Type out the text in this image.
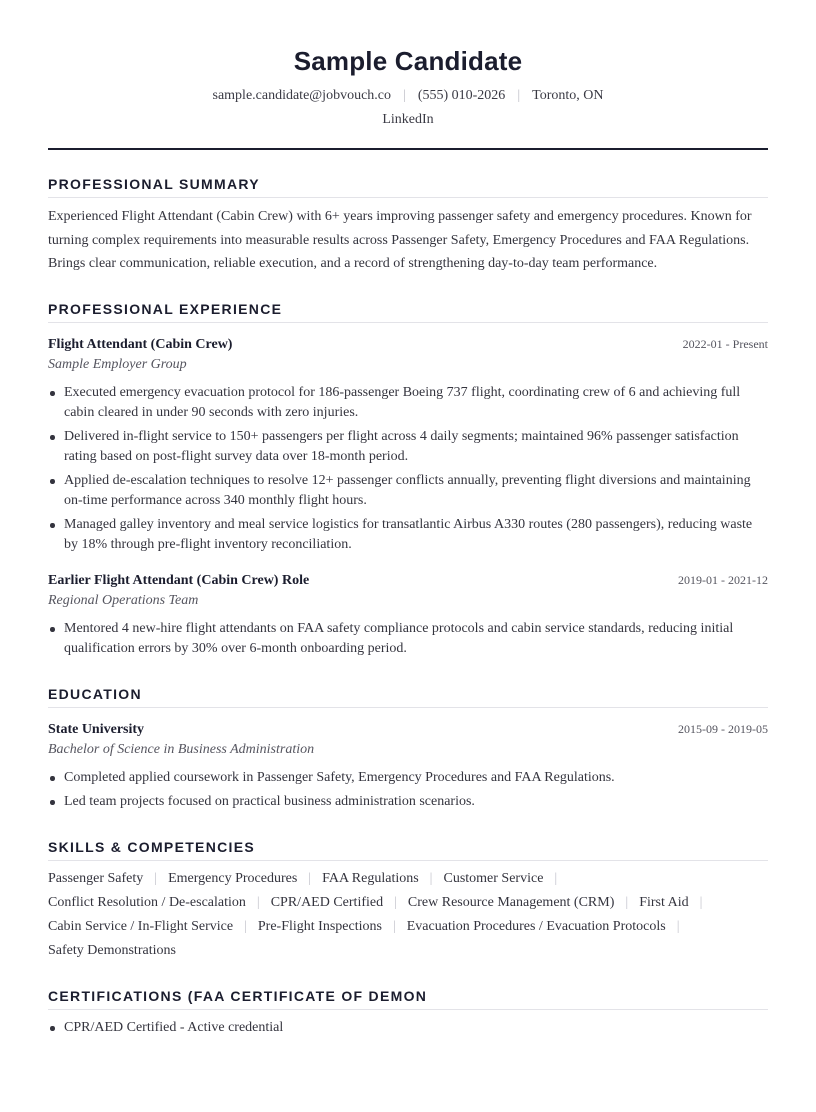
Sample Candidate
sample.candidate@jobvouch.co | (555) 010-2026 | Toronto, ON
LinkedIn
PROFESSIONAL SUMMARY

Experienced Flight Attendant (Cabin Crew) with 6+ years improving passenger safety and emergency procedures. Known for turning complex requirements into measurable results across Passenger Safety, Emergency Procedures and FAA Regulations. Brings clear communication, reliable execution, and a record of strengthening day-to-day team performance.

PROFESSIONAL EXPERIENCE
Flight Attendant (Cabin Crew)	2022-01 - Present
Sample Employer Group
Executed emergency evacuation protocol for 186-passenger Boeing 737 flight, coordinating crew of 6 and achieving full cabin cleared in under 90 seconds with zero injuries.
Delivered in-flight service to 150+ passengers per flight across 4 daily segments; maintained 96% passenger satisfaction rating based on post-flight survey data over 18-month period.
Applied de-escalation techniques to resolve 12+ passenger conflicts annually, preventing flight diversions and maintaining on-time performance across 340 monthly flight hours.
Managed galley inventory and meal service logistics for transatlantic Airbus A330 routes (280 passengers), reducing waste by 18% through pre-flight inventory reconciliation.
Earlier Flight Attendant (Cabin Crew) Role	2019-01 - 2021-12
Regional Operations Team
Mentored 4 new-hire flight attendants on FAA safety compliance protocols and cabin service standards, reducing initial qualification errors by 30% over 6-month onboarding period.
EDUCATION
State University	2015-09 - 2019-05
Bachelor of Science in Business Administration
Completed applied coursework in Passenger Safety, Emergency Procedures and FAA Regulations.
Led team projects focused on practical business administration scenarios.
SKILLS & COMPETENCIES
Passenger Safety | Emergency Procedures | FAA Regulations | Customer Service |
Conflict Resolution / De-escalation | CPR/AED Certified | Crew Resource Management (CRM) | First Aid |
Cabin Service / In-Flight Service | Pre-Flight Inspections | Evacuation Procedures / Evacuation Protocols |
Safety Demonstrations
CERTIFICATIONS (FAA CERTIFICATE OF DEMON
CPR/AED Certified - Active credential
